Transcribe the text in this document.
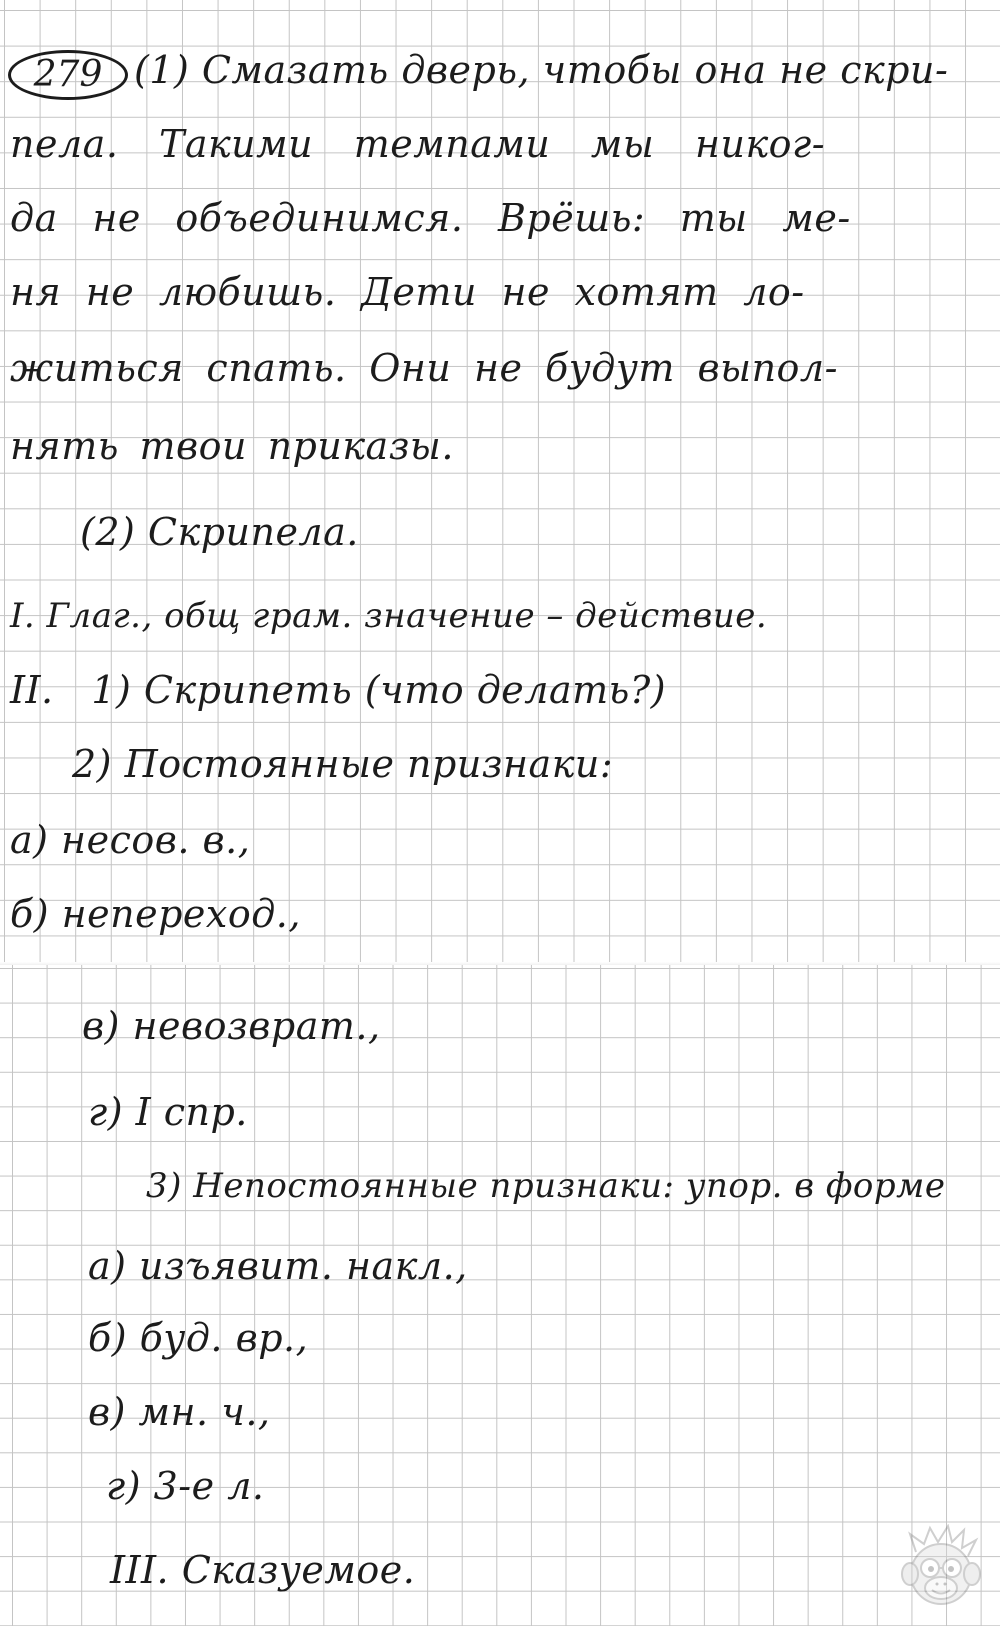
279 (1) Смазать дверь, чтобы она не скри-
пела. Такими темпами мы никог-
да не объединимся. Врёшь: ты ме-
ня не любишь. Дети не хотят ло-
житься спать. Они не будут выпол-
нять твои приказы.
(2) Скрипела.
I. Глаг., общ грам. значение – действие.
II.   1) Скрипеть (что делать?)
2) Постоянные признаки:
а) несов. в.,
б) непереход.,
в) невозврат.,
г) I спр.
3) Непостоянные признаки: упор. в форме
а) изъявит. накл.,
б) буд. вр.,
в) мн. ч.,
г) 3-е л.
III. Сказуемое.
